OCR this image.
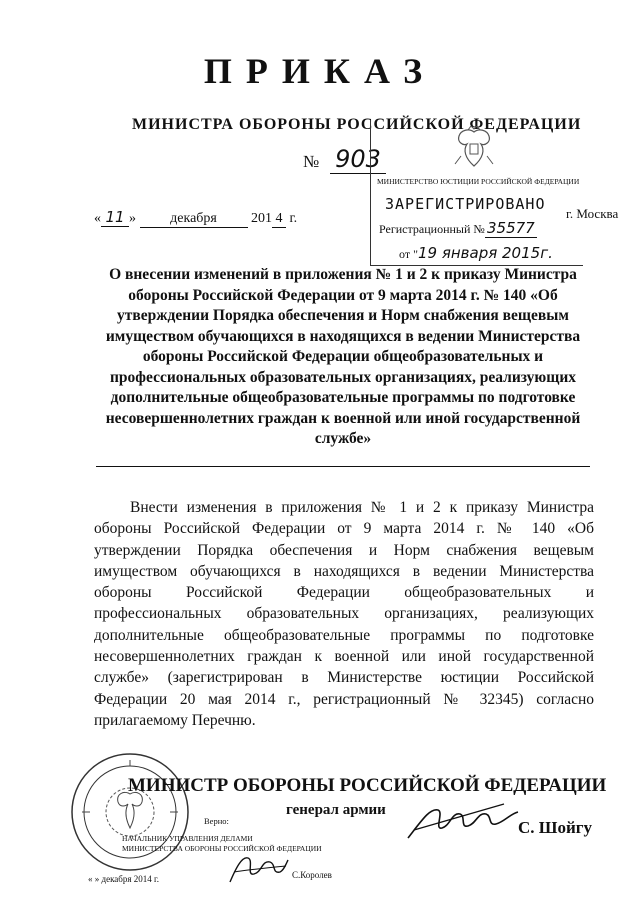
ПРИКАЗ
МИНИСТРА ОБОРОНЫ РОССИЙСКОЙ ФЕДЕРАЦИИ
№ 903
« 11 » декабря 201 4 г.
МИНИСТЕРСТВО ЮСТИЦИИ РОССИЙСКОЙ ФЕДЕРАЦИИ
ЗАРЕГИСТРИРОВАНО
Регистрационный № 35577
от "19 января 2015г.
г. Москва
О внесении изменений в приложения № 1 и 2 к приказу Министра обороны Российской Федерации от 9 марта 2014 г. № 140 «Об утверждении Порядка обеспечения и Норм снабжения вещевым имуществом обучающихся в находящихся в ведении Министерства обороны Российской Федерации общеобразовательных и профессиональных образовательных организациях, реализующих дополнительные общеобразовательные программы по подготовке несовершеннолетних граждан к военной или иной государственной службе»
Внести изменения в приложения № 1 и 2 к приказу Министра обороны Российской Федерации от 9 марта 2014 г. № 140 «Об утверждении Порядка обеспечения и Норм снабжения вещевым имуществом обучающихся в находящихся в ведении Министерства обороны Российской Федерации общеобразовательных и профессиональных образовательных организациях, реализующих дополнительные общеобразовательные программы по подготовке несовершеннолетних граждан к военной или иной государственной службе» (зарегистрирован в Министерстве юстиции Российской Федерации 20 мая 2014 г., регистрационный № 32345) согласно прилагаемому Перечню.
МИНИСТР ОБОРОНЫ РОССИЙСКОЙ ФЕДЕРАЦИИ
генерал армии
С. Шойгу
Верно:
НАЧАЛЬНИК УПРАВЛЕНИЯ ДЕЛАМИ
МИНИСТЕРСТВА ОБОРОНЫ РОССИЙСКОЙ ФЕДЕРАЦИИ
С.Королев
« » декабря 2014 г.
